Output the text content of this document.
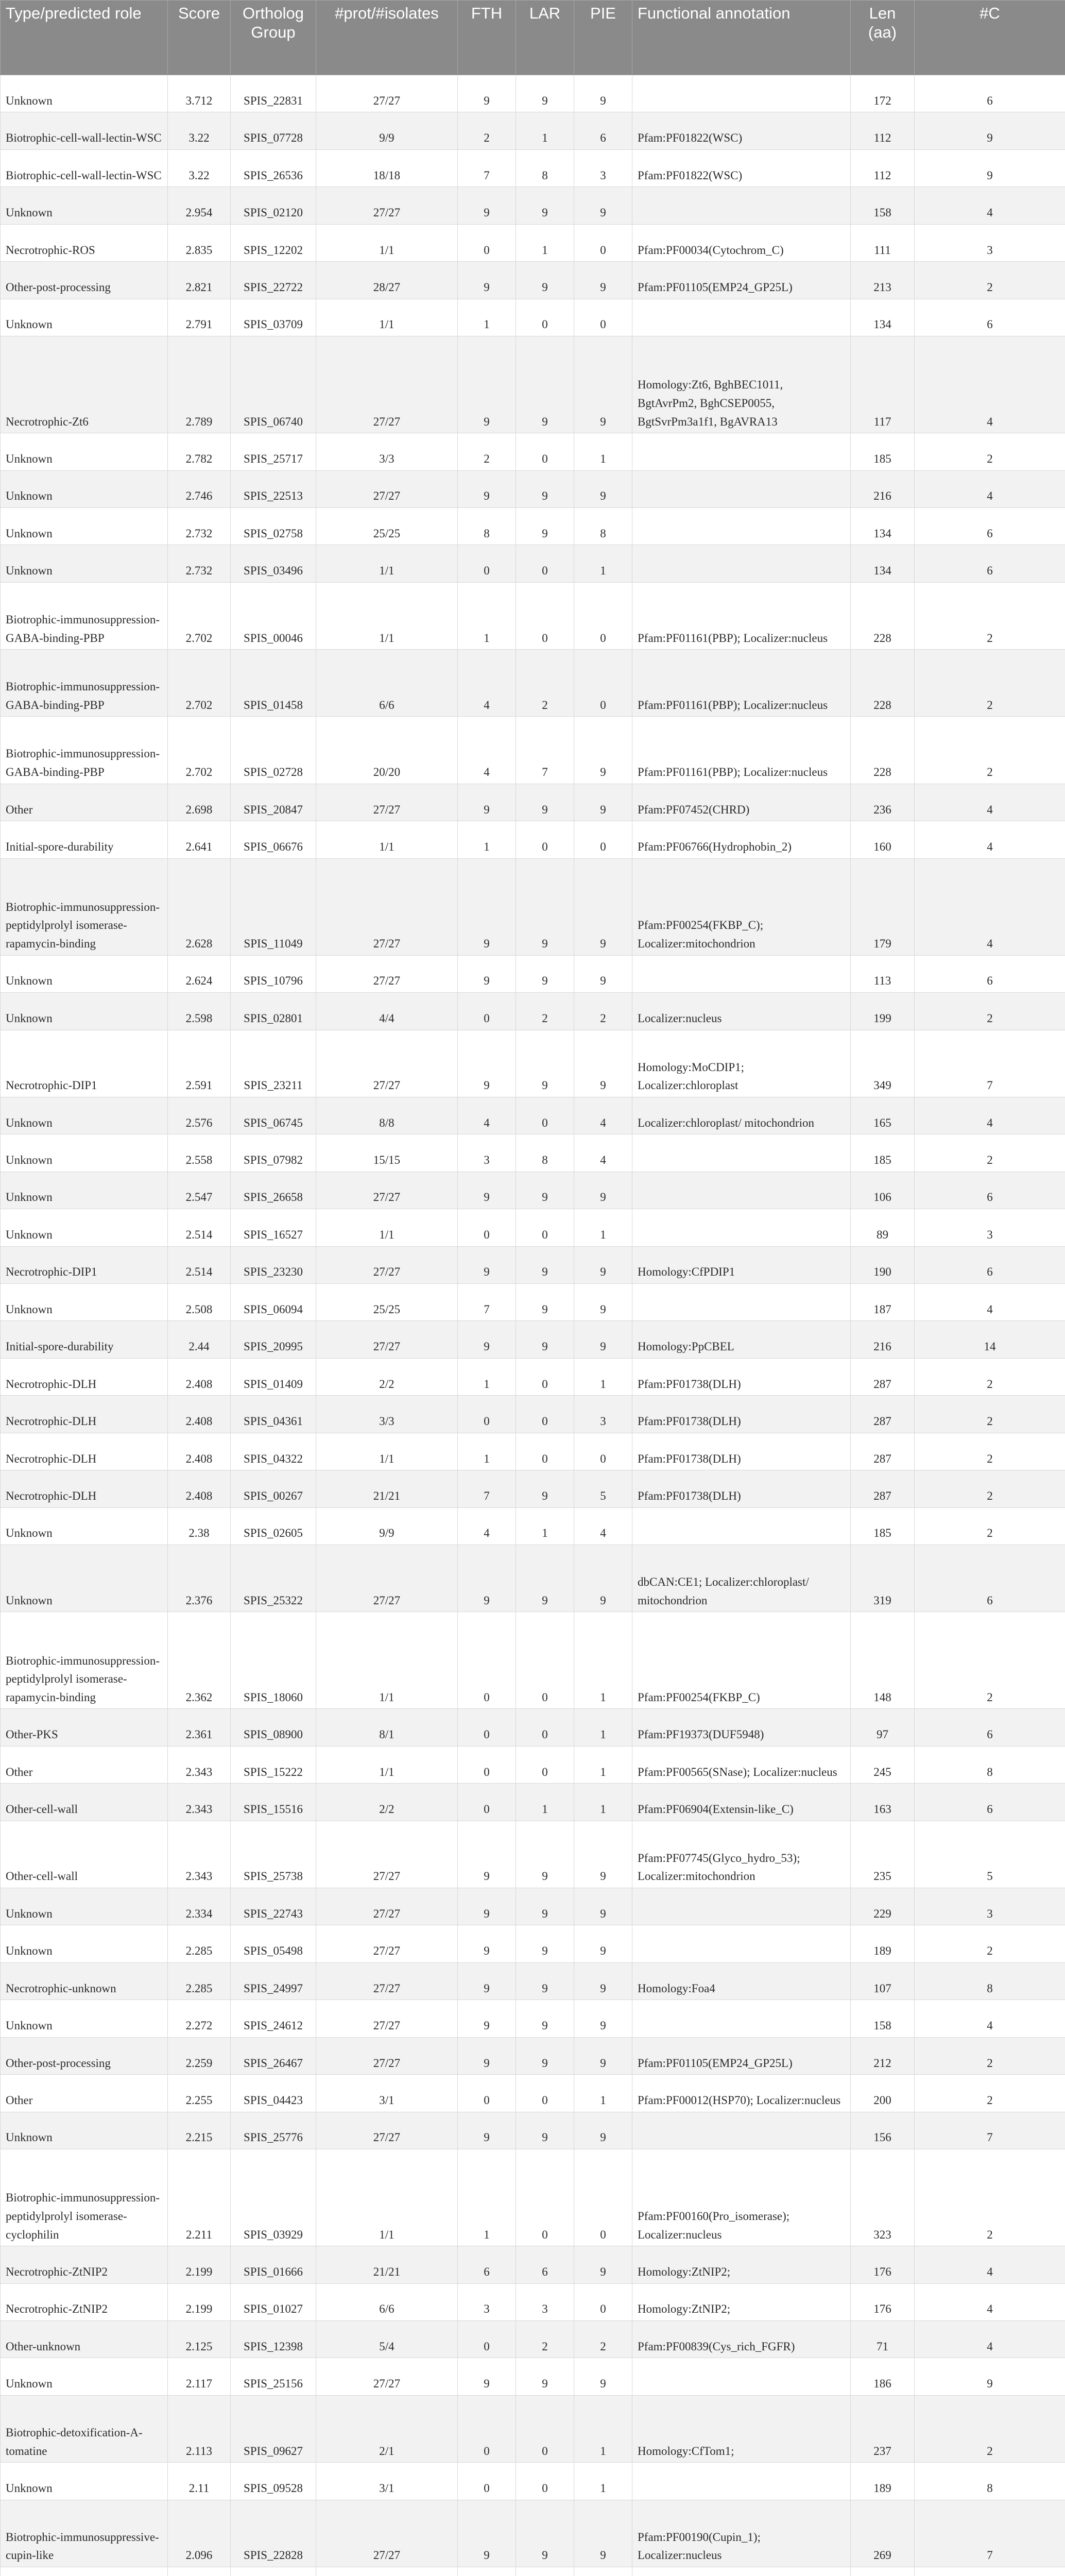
Type/predicted role	Score	Ortholog Group	#prot/#isolates	FTH	LAR	PIE	Functional annotation	Len (aa)	#C
Unknown	3.712	SPIS_22831	27/27	9	9	9		172	6
Biotrophic-cell-wall-lectin-WSC	3.22	SPIS_07728	9/9	2	1	6	Pfam:PF01822(WSC)	112	9
Biotrophic-cell-wall-lectin-WSC	3.22	SPIS_26536	18/18	7	8	3	Pfam:PF01822(WSC)	112	9
Unknown	2.954	SPIS_02120	27/27	9	9	9		158	4
Necrotrophic-ROS	2.835	SPIS_12202	1/1	0	1	0	Pfam:PF00034(Cytochrom_C)	111	3
Other-post-processing	2.821	SPIS_22722	28/27	9	9	9	Pfam:PF01105(EMP24_GP25L)	213	2
Unknown	2.791	SPIS_03709	1/1	1	0	0		134	6
Necrotrophic-Zt6	2.789	SPIS_06740	27/27	9	9	9	Homology:Zt6, BghBEC1011, BgtAvrPm2, BghCSEP0055, BgtSvrPm3a1f1, BgAVRA13	117	4
Unknown	2.782	SPIS_25717	3/3	2	0	1		185	2
Unknown	2.746	SPIS_22513	27/27	9	9	9		216	4
Unknown	2.732	SPIS_02758	25/25	8	9	8		134	6
Unknown	2.732	SPIS_03496	1/1	0	0	1		134	6
Biotrophic-immunosuppression-GABA-binding-PBP	2.702	SPIS_00046	1/1	1	0	0	Pfam:PF01161(PBP); Localizer:nucleus	228	2
Biotrophic-immunosuppression-GABA-binding-PBP	2.702	SPIS_01458	6/6	4	2	0	Pfam:PF01161(PBP); Localizer:nucleus	228	2
Biotrophic-immunosuppression-GABA-binding-PBP	2.702	SPIS_02728	20/20	4	7	9	Pfam:PF01161(PBP); Localizer:nucleus	228	2
Other	2.698	SPIS_20847	27/27	9	9	9	Pfam:PF07452(CHRD)	236	4
Initial-spore-durability	2.641	SPIS_06676	1/1	1	0	0	Pfam:PF06766(Hydrophobin_2)	160	4
Biotrophic-immunosuppression-peptidylprolyl isomerase-rapamycin-binding	2.628	SPIS_11049	27/27	9	9	9	Pfam:PF00254(FKBP_C); Localizer:mitochondrion	179	4
Unknown	2.624	SPIS_10796	27/27	9	9	9		113	6
Unknown	2.598	SPIS_02801	4/4	0	2	2	Localizer:nucleus	199	2
Necrotrophic-DIP1	2.591	SPIS_23211	27/27	9	9	9	Homology:MoCDIP1; Localizer:chloroplast	349	7
Unknown	2.576	SPIS_06745	8/8	4	0	4	Localizer:chloroplast/ mitochondrion	165	4
Unknown	2.558	SPIS_07982	15/15	3	8	4		185	2
Unknown	2.547	SPIS_26658	27/27	9	9	9		106	6
Unknown	2.514	SPIS_16527	1/1	0	0	1		89	3
Necrotrophic-DIP1	2.514	SPIS_23230	27/27	9	9	9	Homology:CfPDIP1	190	6
Unknown	2.508	SPIS_06094	25/25	7	9	9		187	4
Initial-spore-durability	2.44	SPIS_20995	27/27	9	9	9	Homology:PpCBEL	216	14
Necrotrophic-DLH	2.408	SPIS_01409	2/2	1	0	1	Pfam:PF01738(DLH)	287	2
Necrotrophic-DLH	2.408	SPIS_04361	3/3	0	0	3	Pfam:PF01738(DLH)	287	2
Necrotrophic-DLH	2.408	SPIS_04322	1/1	1	0	0	Pfam:PF01738(DLH)	287	2
Necrotrophic-DLH	2.408	SPIS_00267	21/21	7	9	5	Pfam:PF01738(DLH)	287	2
Unknown	2.38	SPIS_02605	9/9	4	1	4		185	2
Unknown	2.376	SPIS_25322	27/27	9	9	9	dbCAN:CE1; Localizer:chloroplast/ mitochondrion	319	6
Biotrophic-immunosuppression-peptidylprolyl isomerase-rapamycin-binding	2.362	SPIS_18060	1/1	0	0	1	Pfam:PF00254(FKBP_C)	148	2
Other-PKS	2.361	SPIS_08900	8/1	0	0	1	Pfam:PF19373(DUF5948)	97	6
Other	2.343	SPIS_15222	1/1	0	0	1	Pfam:PF00565(SNase); Localizer:nucleus	245	8
Other-cell-wall	2.343	SPIS_15516	2/2	0	1	1	Pfam:PF06904(Extensin-like_C)	163	6
Other-cell-wall	2.343	SPIS_25738	27/27	9	9	9	Pfam:PF07745(Glyco_hydro_53); Localizer:mitochondrion	235	5
Unknown	2.334	SPIS_22743	27/27	9	9	9		229	3
Unknown	2.285	SPIS_05498	27/27	9	9	9		189	2
Necrotrophic-unknown	2.285	SPIS_24997	27/27	9	9	9	Homology:Foa4	107	8
Unknown	2.272	SPIS_24612	27/27	9	9	9		158	4
Other-post-processing	2.259	SPIS_26467	27/27	9	9	9	Pfam:PF01105(EMP24_GP25L)	212	2
Other	2.255	SPIS_04423	3/1	0	0	1	Pfam:PF00012(HSP70); Localizer:nucleus	200	2
Unknown	2.215	SPIS_25776	27/27	9	9	9		156	7
Biotrophic-immunosuppression-peptidylprolyl isomerase-cyclophilin	2.211	SPIS_03929	1/1	1	0	0	Pfam:PF00160(Pro_isomerase); Localizer:nucleus	323	2
Necrotrophic-ZtNIP2	2.199	SPIS_01666	21/21	6	6	9	Homology:ZtNIP2;	176	4
Necrotrophic-ZtNIP2	2.199	SPIS_01027	6/6	3	3	0	Homology:ZtNIP2;	176	4
Other-unknown	2.125	SPIS_12398	5/4	0	2	2	Pfam:PF00839(Cys_rich_FGFR)	71	4
Unknown	2.117	SPIS_25156	27/27	9	9	9		186	9
Biotrophic-detoxification-A-tomatine	2.113	SPIS_09627	2/1	0	0	1	Homology:CfTom1;	237	2
Unknown	2.11	SPIS_09528	3/1	0	0	1		189	8
Biotrophic-immunosuppressive-cupin-like	2.096	SPIS_22828	27/27	9	9	9	Pfam:PF00190(Cupin_1); Localizer:nucleus	269	7
